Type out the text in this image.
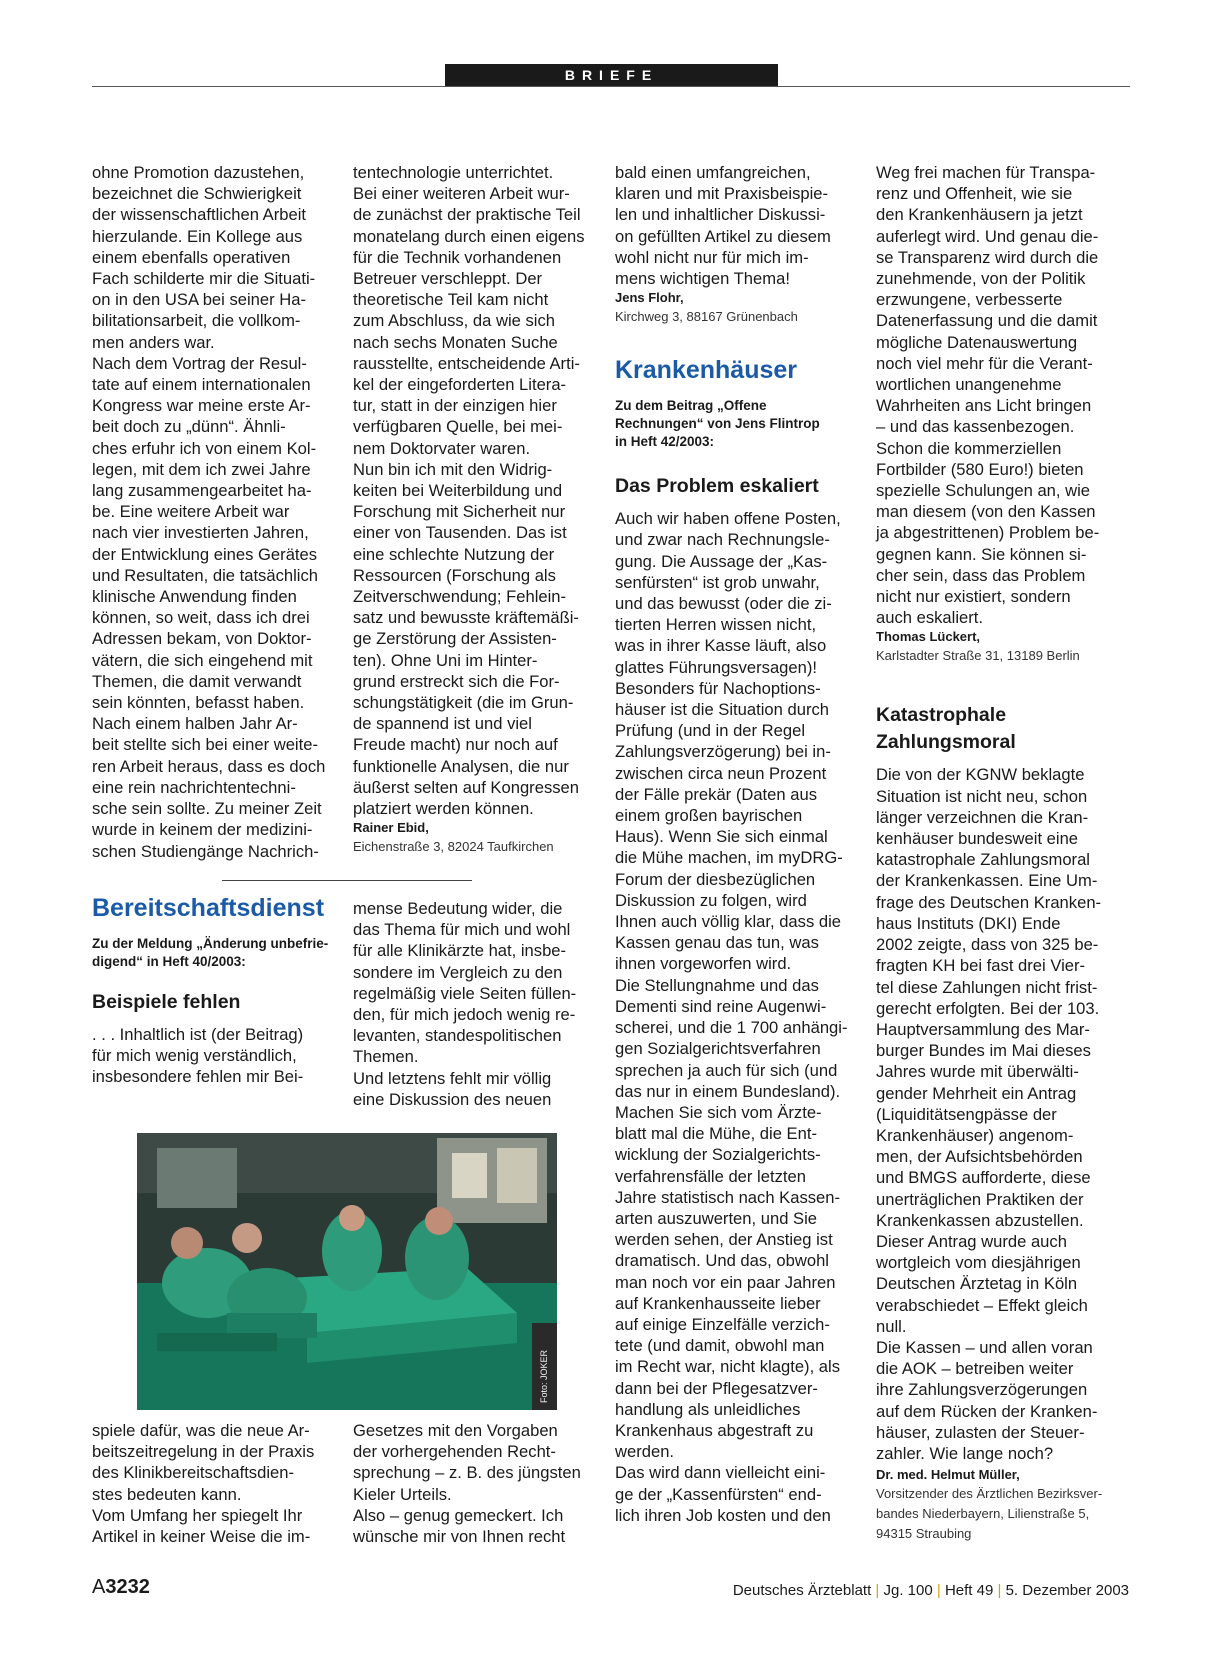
BRIEFE
ohne Promotion dazustehen,
bezeichnet die Schwierigkeit
der wissenschaftlichen Arbeit
hierzulande. Ein Kollege aus
einem ebenfalls operativen
Fach schilderte mir die Situati-
on in den USA bei seiner Ha-
bilitationsarbeit, die vollkom-
men anders war.
Nach dem Vortrag der Resul-
tate auf einem internationalen
Kongress war meine erste Ar-
beit doch zu „dünn“. Ähnli-
ches erfuhr ich von einem Kol-
legen, mit dem ich zwei Jahre
lang zusammengearbeitet ha-
be. Eine weitere Arbeit war
nach vier investierten Jahren,
der Entwicklung eines Gerätes
und Resultaten, die tatsächlich
klinische Anwendung finden
können, so weit, dass ich drei
Adressen bekam, von Doktor-
vätern, die sich eingehend mit
Themen, die damit verwandt
sein könnten, befasst haben.
Nach einem halben Jahr Ar-
beit stellte sich bei einer weite-
ren Arbeit heraus, dass es doch
eine rein nachrichtentechni-
sche sein sollte. Zu meiner Zeit
wurde in keinem der medizini-
schen Studiengänge Nachrich-
tentechnologie unterrichtet.
Bei einer weiteren Arbeit wur-
de zunächst der praktische Teil
monatelang durch einen eigens
für die Technik vorhandenen
Betreuer verschleppt. Der
theoretische Teil kam nicht
zum Abschluss, da wie sich
nach sechs Monaten Suche
rausstellte, entscheidende Arti-
kel der eingeforderten Litera-
tur, statt in der einzigen hier
verfügbaren Quelle, bei mei-
nem Doktorvater waren.
Nun bin ich mit den Widrig-
keiten bei Weiterbildung und
Forschung mit Sicherheit nur
einer von Tausenden. Das ist
eine schlechte Nutzung der
Ressourcen (Forschung als
Zeitverschwendung; Fehlein-
satz und bewusste kräftemäßi-
ge Zerstörung der Assisten-
ten). Ohne Uni im Hinter-
grund erstreckt sich die For-
schungstätigkeit (die im Grun-
de spannend ist und viel
Freude macht) nur noch auf
funktionelle Analysen, die nur
äußerst selten auf Kongressen
platziert werden können.
Rainer Ebid,
Eichenstraße 3, 82024 Taufkirchen
Bereitschaftsdienst
Zu der Meldung „Änderung unbefrie-
digend“ in Heft 40/2003:
Beispiele fehlen
. . . Inhaltlich ist (der Beitrag)
für mich wenig verständlich,
insbesondere fehlen mir Bei-
mense Bedeutung wider, die
das Thema für mich und wohl
für alle Klinikärzte hat, insbe-
sondere im Vergleich zu den
regelmäßig viele Seiten füllen-
den, für mich jedoch wenig re-
levanten, standespolitischen
Themen.
Und letztens fehlt mir völlig
eine Diskussion des neuen
Foto: JOKER
spiele dafür, was die neue Ar-
beitszeitregelung in der Praxis
des Klinikbereitschaftsdien-
stes bedeuten kann.
Vom Umfang her spiegelt Ihr
Artikel in keiner Weise die im-
Gesetzes mit den Vorgaben
der vorhergehenden Recht-
sprechung – z. B. des jüngsten
Kieler Urteils.
Also – genug gemeckert. Ich
wünsche mir von Ihnen recht
bald einen umfangreichen,
klaren und mit Praxisbeispie-
len und inhaltlicher Diskussi-
on gefüllten Artikel zu diesem
wohl nicht nur für mich im-
mens wichtigen Thema!
Jens Flohr,
Kirchweg 3, 88167 Grünenbach
Krankenhäuser
Zu dem Beitrag „Offene
Rechnungen“ von Jens Flintrop
in Heft 42/2003:
Das Problem eskaliert
Auch wir haben offene Posten,
und zwar nach Rechnungsle-
gung. Die Aussage der „Kas-
senfürsten“ ist grob unwahr,
und das bewusst (oder die zi-
tierten Herren wissen nicht,
was in ihrer Kasse läuft, also
glattes Führungsversagen)!
Besonders für Nachoptions-
häuser ist die Situation durch
Prüfung (und in der Regel
Zahlungsverzögerung) bei in-
zwischen circa neun Prozent
der Fälle prekär (Daten aus
einem großen bayrischen
Haus). Wenn Sie sich einmal
die Mühe machen, im myDRG-
Forum der diesbezüglichen
Diskussion zu folgen, wird
Ihnen auch völlig klar, dass die
Kassen genau das tun, was
ihnen vorgeworfen wird.
Die Stellungnahme und das
Dementi sind reine Augenwi-
scherei, und die 1 700 anhängi-
gen Sozialgerichtsverfahren
sprechen ja auch für sich (und
das nur in einem Bundesland).
Machen Sie sich vom Ärzte-
blatt mal die Mühe, die Ent-
wicklung der Sozialgerichts-
verfahrensfälle der letzten
Jahre statistisch nach Kassen-
arten auszuwerten, und Sie
werden sehen, der Anstieg ist
dramatisch. Und das, obwohl
man noch vor ein paar Jahren
auf Krankenhausseite lieber
auf einige Einzelfälle verzich-
tete (und damit, obwohl man
im Recht war, nicht klagte), als
dann bei der Pflegesatzver-
handlung als unleidliches
Krankenhaus abgestraft zu
werden.
Das wird dann vielleicht eini-
ge der „Kassenfürsten“ end-
lich ihren Job kosten und den
Weg frei machen für Transpa-
renz und Offenheit, wie sie
den Krankenhäusern ja jetzt
auferlegt wird. Und genau die-
se Transparenz wird durch die
zunehmende, von der Politik
erzwungene, verbesserte
Datenerfassung und die damit
mögliche Datenauswertung
noch viel mehr für die Verant-
wortlichen unangenehme
Wahrheiten ans Licht bringen
– und das kassenbezogen.
Schon die kommerziellen
Fortbilder (580 Euro!) bieten
spezielle Schulungen an, wie
man diesem (von den Kassen
ja abgestrittenen) Problem be-
gegnen kann. Sie können si-
cher sein, dass das Problem
nicht nur existiert, sondern
auch eskaliert.
Thomas Lückert,
Karlstadter Straße 31, 13189 Berlin
Katastrophale
Zahlungsmoral
Die von der KGNW beklagte
Situation ist nicht neu, schon
länger verzeichnen die Kran-
kenhäuser bundesweit eine
katastrophale Zahlungsmoral
der Krankenkassen. Eine Um-
frage des Deutschen Kranken-
haus Instituts (DKI) Ende
2002 zeigte, dass von 325 be-
fragten KH bei fast drei Vier-
tel diese Zahlungen nicht frist-
gerecht erfolgten. Bei der 103.
Hauptversammlung des Mar-
burger Bundes im Mai dieses
Jahres wurde mit überwälti-
gender Mehrheit ein Antrag
(Liquiditätsengpässe der
Krankenhäuser) angenom-
men, der Aufsichtsbehörden
und BMGS aufforderte, diese
unerträglichen Praktiken der
Krankenkassen abzustellen.
Dieser Antrag wurde auch
wortgleich vom diesjährigen
Deutschen Ärztetag in Köln
verabschiedet – Effekt gleich
null.
Die Kassen – und allen voran
die AOK – betreiben weiter
ihre Zahlungsverzögerungen
auf dem Rücken der Kranken-
häuser, zulasten der Steuer-
zahler. Wie lange noch?
Dr. med. Helmut Müller,
Vorsitzender des Ärztlichen Bezirksver-
bandes Niederbayern, Lilienstraße 5,
94315 Straubing
A3232	Deutsches Ärzteblatt | Jg. 100 | Heft 49 | 5. Dezember 2003
